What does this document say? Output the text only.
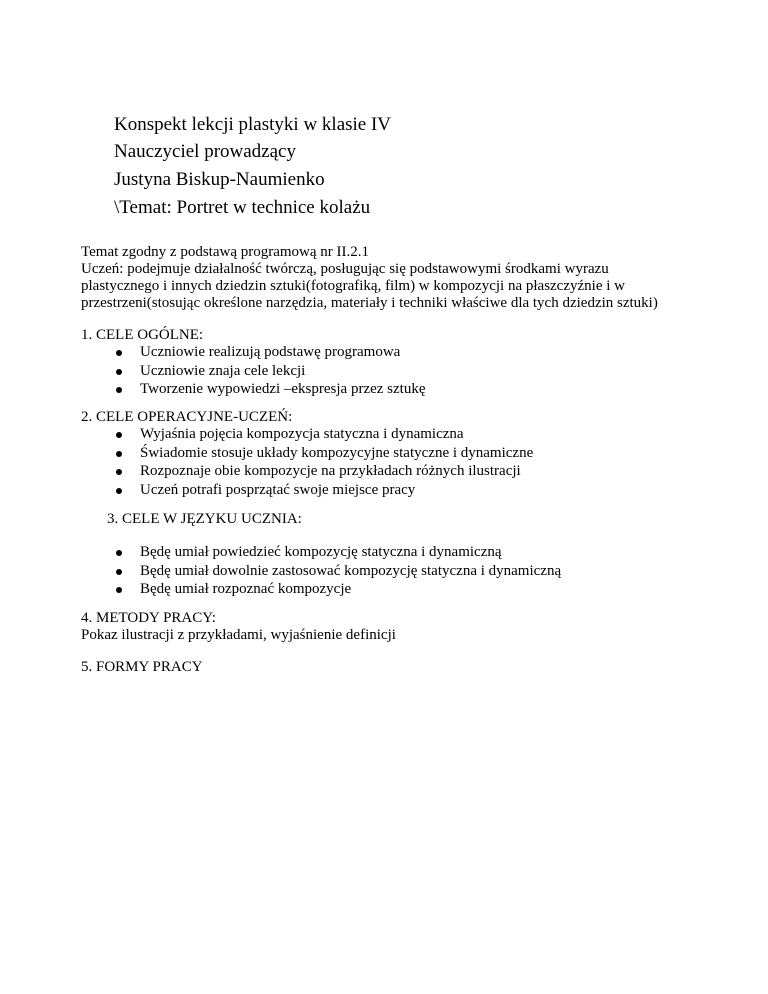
Konspekt lekcji plastyki w klasie IV
Nauczyciel prowadzący
Justyna Biskup-Naumienko
\Temat: Portret w technice kolażu
Temat zgodny z podstawą programową nr II.2.1
Uczeń: podejmuje działalność twórczą, posługując się podstawowymi środkami wyrazu
plastycznego i innych dziedzin sztuki(fotografiką, film) w kompozycji na płaszczyźnie i w
przestrzeni(stosując określone narzędzia, materiały i techniki właściwe dla tych dziedzin sztuki)
1. CELE OGÓLNE:
Uczniowie realizują podstawę programowa
Uczniowie znaja cele lekcji
Tworzenie wypowiedzi –ekspresja przez sztukę
2. CELE OPERACYJNE-UCZEŃ:
Wyjaśnia pojęcia kompozycja statyczna i dynamiczna
Świadomie stosuje układy kompozycyjne statyczne i dynamiczne
Rozpoznaje obie kompozycje na przykładach różnych ilustracji
Uczeń potrafi posprzątać swoje miejsce pracy
3. CELE W JĘZYKU UCZNIA:
Będę umiał powiedzieć kompozycję statyczna i dynamiczną
Będę umiał dowolnie zastosować kompozycję statyczna i dynamiczną
Będę umiał rozpoznać kompozycje
4. METODY PRACY:
Pokaz ilustracji z przykładami, wyjaśnienie definicji
5. FORMY PRACY
